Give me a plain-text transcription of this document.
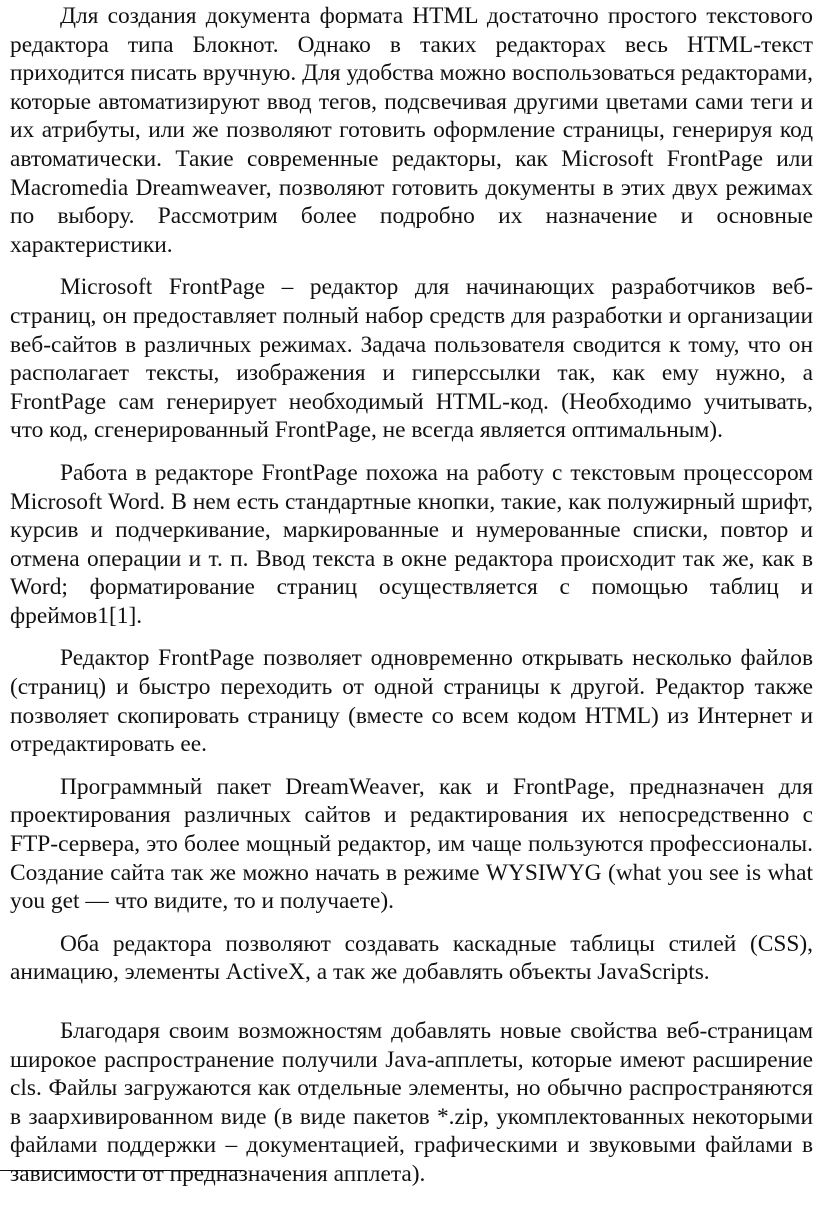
Для создания документа формата HTML достаточно простого текстового редактора типа Блокнот. Однако в таких редакторах весь HTML-текст приходится писать вручную. Для удобства можно воспользоваться редакторами, которые автоматизируют ввод тегов, подсвечивая другими цветами сами теги и их атрибуты, или же позволяют готовить оформление страницы, генерируя код автоматически. Такие современные редакторы, как Microsoft FrontPage или Macromedia Dreamweaver, позволяют готовить документы в этих двух режимах по выбору. Рассмотрим более подробно их назначение и основные характеристики.

Microsoft FrontPage – редактор для начинающих разработчиков веб-страниц, он предоставляет полный набор средств для разработки и организации веб-сайтов в различных режимах. Задача пользователя сводится к тому, что он располагает тексты, изображения и гиперссылки так, как ему нужно, а FrontPage сам генерирует необходимый HTML-код. (Необходимо учитывать, что код, сгенерированный FrontPage, не всегда является оптимальным).

Работа в редакторе FrontPage похожа на работу с текстовым процессором Microsoft Word. В нем есть стандартные кнопки, такие, как полужирный шрифт, курсив и подчеркивание, маркированные и нумерованные списки, повтор и отмена операции и т. п. Ввод текста в окне редактора происходит так же, как в Word; форматирование страниц осуществляется с помощью таблиц и фреймов1[1].

Редактор FrontPage позволяет одновременно открывать несколько файлов (страниц) и быстро переходить от одной страницы к другой. Редактор также позволяет скопировать страницу (вместе со всем кодом HTML) из Интернет и отредактировать ее.

Программный пакет DreamWeaver, как и FrontPage, предназначен для проектирования различных сайтов и редактирования их непосредственно с FTP-сервера, это более мощный редактор, им чаще пользуются профессионалы. Создание сайта так же можно начать в режиме WYSIWYG (what you see is what you get — что видите, то и получаете).

Оба редактора позволяют создавать каскадные таблицы стилей (CSS), анимацию, элементы ActiveX, а так же добавлять объекты JavaScripts.

Благодаря своим возможностям добавлять новые свойства веб-страницам широкое распространение получили Java-апплеты, которые имеют расширение cls. Файлы загружаются как отдельные элементы, но обычно распространяются в заархивированном виде (в виде пакетов *.zip, укомплектованных некоторыми файлами поддержки – документацией, графическими и звуковыми файлами в зависимости от предназначения апплета).
